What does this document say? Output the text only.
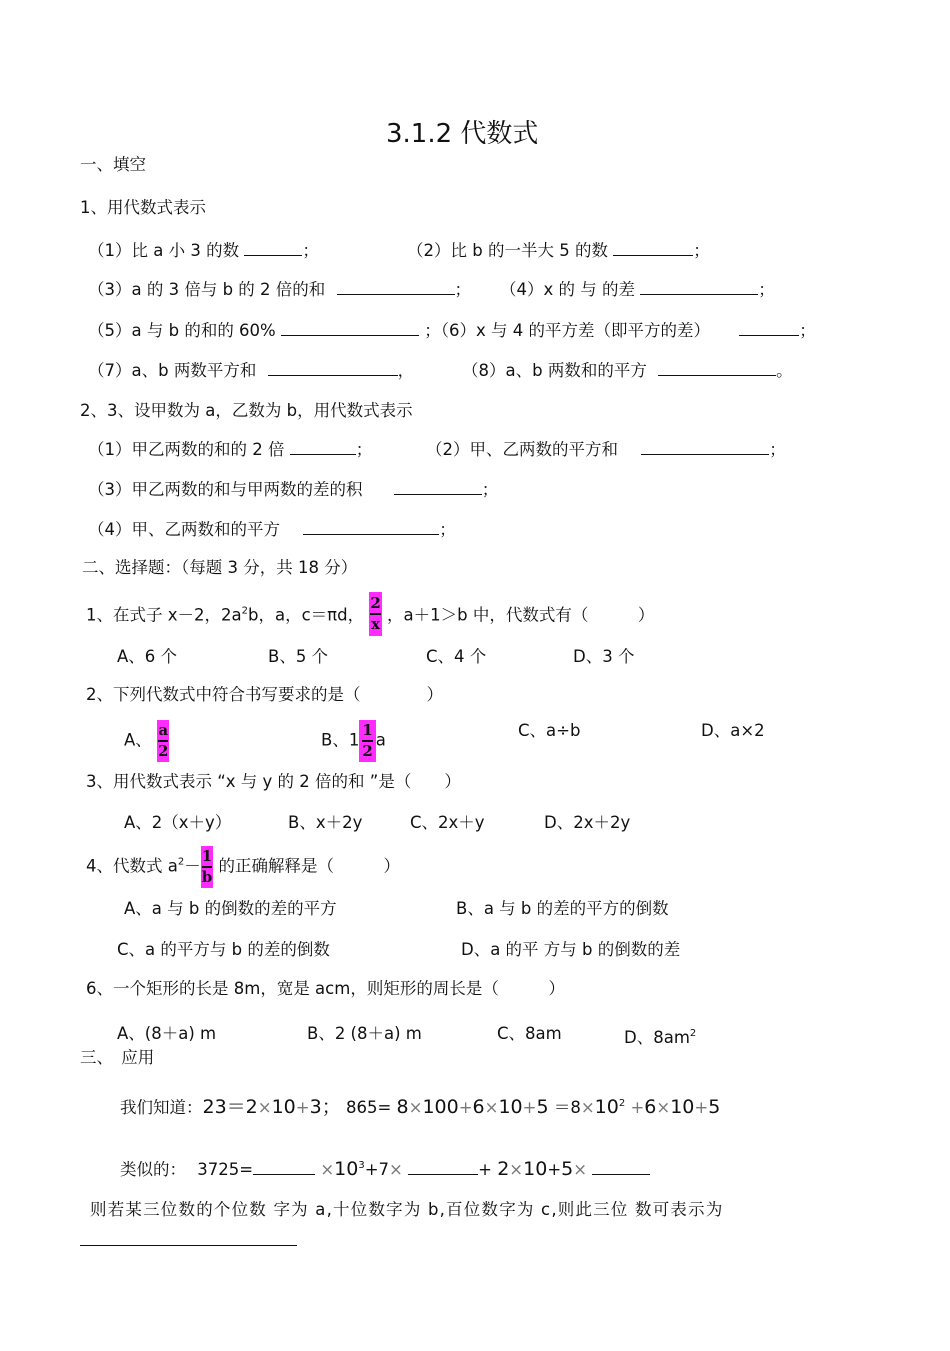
3.1.2 代数式
一、填空
1、用代数式表示
（1）比 a 小 3 的数	；	（2）比 b 的一半大 5 的数	；
（3）a 的 3 倍与 b 的 2 倍的和	； （4）x 的 与 的差	；
（5）a 与 b 的和的 60%	；（6）x 与 4 的平方差（即平方的差）	；
（7）a、b 两数平方和	，	（8）a、b 两数和的平方	。
2、3、设甲数为 a，乙数为 b，用代数式表示
（1）甲乙两数的和的 2 倍	；	（2）甲、乙两数的平方和	；
（3）甲乙两数的和与甲两数的差的积	；
（4）甲、乙两数和的平方	；
二、选择题：（每题 3 分，共 18 分）
1、在式子 x－2，$2a^2b$，a，c＝πd， $\frac{2}{x}$ ，a＋1＞b 中，代数式有（　　　）
A、6 个	B、5 个	C、4 个	D、3 个
2、下列代数式中符合书写要求的是（　　　　）
A、 $\frac{a}{2}$	B、$1 \frac{1}{2}$ a	C、a÷b	D、a×2
3、用代数式表示 “x 与 y 的 2 倍的和 ”是（　　）
A、2（x＋y）	B、x＋2y	C、2x＋y	D、2x＋2y
4、代数式 $a^2- \frac{1}{b}$ 的正确解释是（　　　）
A、a 与 b 的倒数的差的平方	B、a 与 b 的差的平方的倒数
C、a 的平方与 b 的差的倒数	D、a 的平 方与 b 的倒数的差
6、一个矩形的长是 8m，宽是 acm，则矩形的周长是（　　　）
A、(8＋a) m	B、2 (8＋a) m	C、8am	D、$8am^2$
三、　应用
我们知道：23＝2×10+3； $865= 8\times 100+6\times 10+5 =8\times 10^2 +6\times 10+5$
类似的： 3725=	$\times 10^3+7\times$	+ 2×10+5×
则若某三位数的个位数 字为 a,十位数字为 b,百位数字为 c,则此三位 数可表示为
